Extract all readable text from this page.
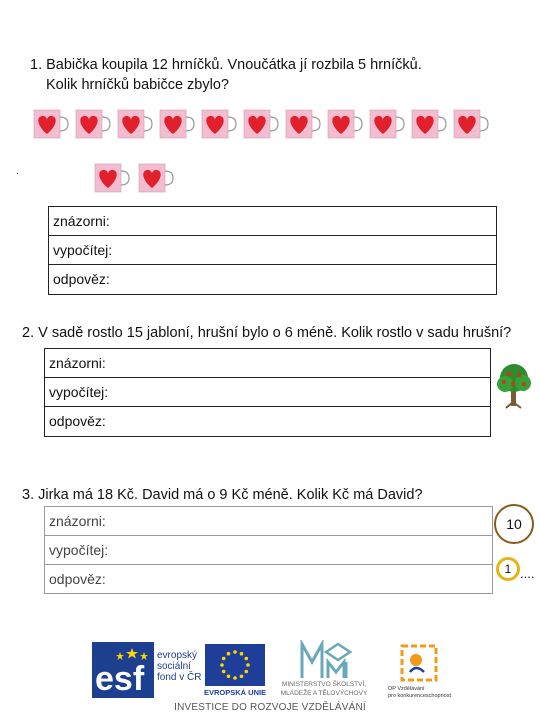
1. Babička koupila 12 hrníčků. Vnoučátka jí rozbila 5 hrníčků.
Kolik hrníčků babičce zbylo?
.
znázorni:
vypočítej:
odpověz:
2. V sadě rostlo 15 jabloní, hrušní bylo o 6 méně. Kolik rostlo v sadu hrušní?
znázorni:
vypočítej:
odpověz:
3. Jirka má 18 Kč. David má o 9 Kč méně. Kolik Kč má David?
znázorni:
vypočítej:
odpověz:
10
1 ....
esf
evropský
sociální
fond v ČR
EVROPSKÁ UNIE
MINISTERSTVO ŠKOLSTVÍ,
MLÁDEŽE A TĚLOVÝCHOVY
OP Vzdělávání
pro konkurenceschopnost
INVESTICE DO ROZVOJE VZDĚLÁVÁNÍ
